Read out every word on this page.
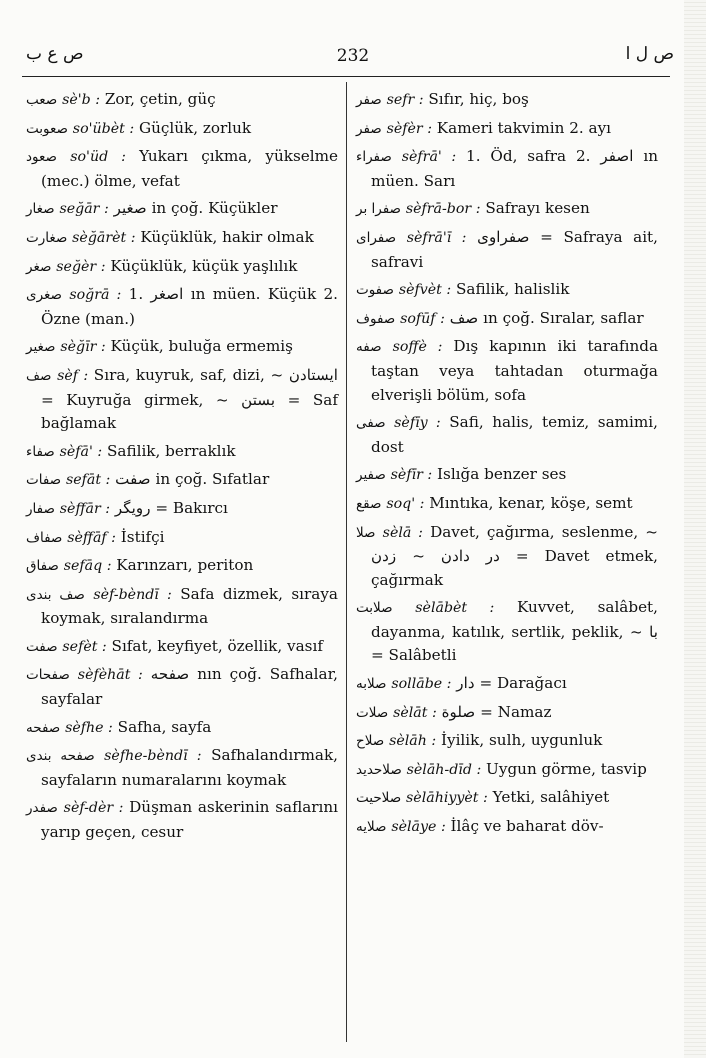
ص ع ب	232	ص ل ا
صعب sè'b : Zor, çetin, güç
صعوبت so'übèt : Güçlük, zorluk
صعود so'üd : Yukarı çıkma, yükselme (mec.) ölme, vefat
صغار seğār : صغير in çoğ. Küçükler
صغارت sèğārèt : Küçüklük, hakir olmak
صغر seğèr : Küçüklük, küçük yaşlılık
صغرى soğrā : 1. اصغر ın müen. Küçük 2. Özne (man.)
صغير sèğīr : Küçük, buluğa ermemiş
صف sèf : Sıra, kuyruk, saf, dizi, ~ ايستادن = Kuyruğa girmek, ~ بستن = Saf bağlamak
صفاء sèfā' : Safilik, berraklık
صفات sefāt : صفت in çoğ. Sıfatlar
صفار sèffār : رويگر = Bakırcı
صفاف sèffāf : İstifçi
صفاق sefāq : Karınzarı, periton
صف بندى sèf-bèndī : Safa dizmek, sıraya koymak, sıralandırma
صفت sefèt : Sıfat, keyfiyet, özellik, vasıf
صفحات sèfèhāt : صفحه nın çoğ. Safhalar, sayfalar
صفحه sèfhe : Safha, sayfa
صفحه بندى sèfhe-bèndī : Safhalandırmak, sayfaların numaralarını koymak
صفدر sèf-dèr : Düşman askerinin saflarını yarıp geçen, cesur
صفر sefr : Sıfır, hiç, boş
صفر sèfèr : Kameri takvimin 2. ayı
صفراء sèfrā' : 1. Öd, safra 2. اصفر ın müen. Sarı
صفرا بر sèfrā-bor : Safrayı kesen
صفراى sèfrā'ī : صفراوى = Safraya ait, safravi
صفوت sèfvèt : Safilik, halislik
صفوف sofūf : صف ın çoğ. Sıralar, saflar
صفه soffè : Dış kapının iki tarafında taştan veya tahtadan oturmağa elverişli bölüm, sofa
صفى sèfīy : Safi, halis, temiz, samimi, dost
صفير sèfīr : Islığa benzer ses
صقع soq' : Mıntıka, kenar, köşe, semt
صلا sèlā : Davet, çağırma, seslenme, ~ در دادن ~ زدن = Davet etmek, çağırmak
صلابت sèlābèt : Kuvvet, salâbet, dayanma, katılık, sertlik, peklik, ~ با = Salâbetli
صلابه sollābe : دار = Darağacı
صلات sèlāt : صلوة = Namaz
صلاح sèlāh : İyilik, sulh, uygunluk
صلاحديد sèlāh-dīd : Uygun görme, tasvip
صلاحيت sèlāhiyyèt : Yetki, salâhiyet
صلايه sèlāye : İlâç ve baharat döv-
